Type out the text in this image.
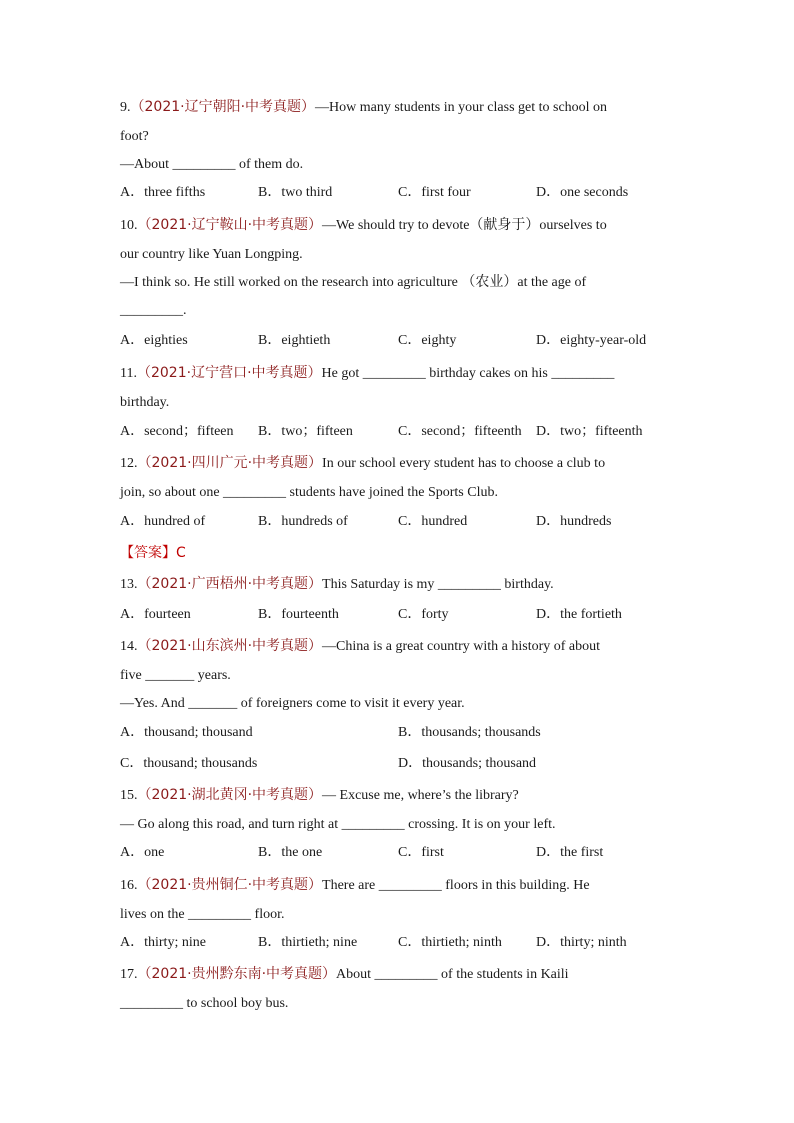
9.（2021·辽宁朝阳·中考真题）—How many students in your class get to school on
foot?
—About _________ of them do.
A．three fifths	B．two third	C．first four	D．one seconds
10.（2021·辽宁鞍山·中考真题）—We should try to devote（献身于）ourselves to
our country like Yuan Longping.
—I think so. He still worked on the research into agriculture （农业）at the age of
_________.
A．eighties	B．eightieth	C．eighty	D．eighty-year-old
11.（2021·辽宁营口·中考真题）He got _________ birthday cakes on his _________
birthday.
A．second；fifteen B．two；fifteen	C．second；fifteenth D．two；fifteenth
12.（2021·四川广元·中考真题）In our school every student has to choose a club to
join, so about one _________ students have joined the Sports Club.
A．hundred of	B．hundreds of	C．hundred	D．hundreds
【答案】C
13.（2021·广西梧州·中考真题）This Saturday is my _________ birthday.
A．fourteen	B．fourteenth	C．forty	D．the fortieth
14.（2021·山东滨州·中考真题）—China is a great country with a history of about
five _______ years.
—Yes. And _______ of foreigners come to visit it every year.
A．thousand; thousand	B．thousands; thousands
C．thousand; thousands	D．thousands; thousand
15.（2021·湖北黄冈·中考真题）— Excuse me, where’s the library?
— Go along this road, and turn right at _________ crossing. It is on your left.
A．one	B．the one	C．first	D．the first
16.（2021·贵州铜仁·中考真题）There are _________ floors in this building. He
lives on the _________ floor.
A．thirty; nine	B．thirtieth; nine	C．thirtieth; ninth D．thirty; ninth
17.（2021·贵州黔东南·中考真题）About _________ of the students in Kaili
_________ to school boy bus.
